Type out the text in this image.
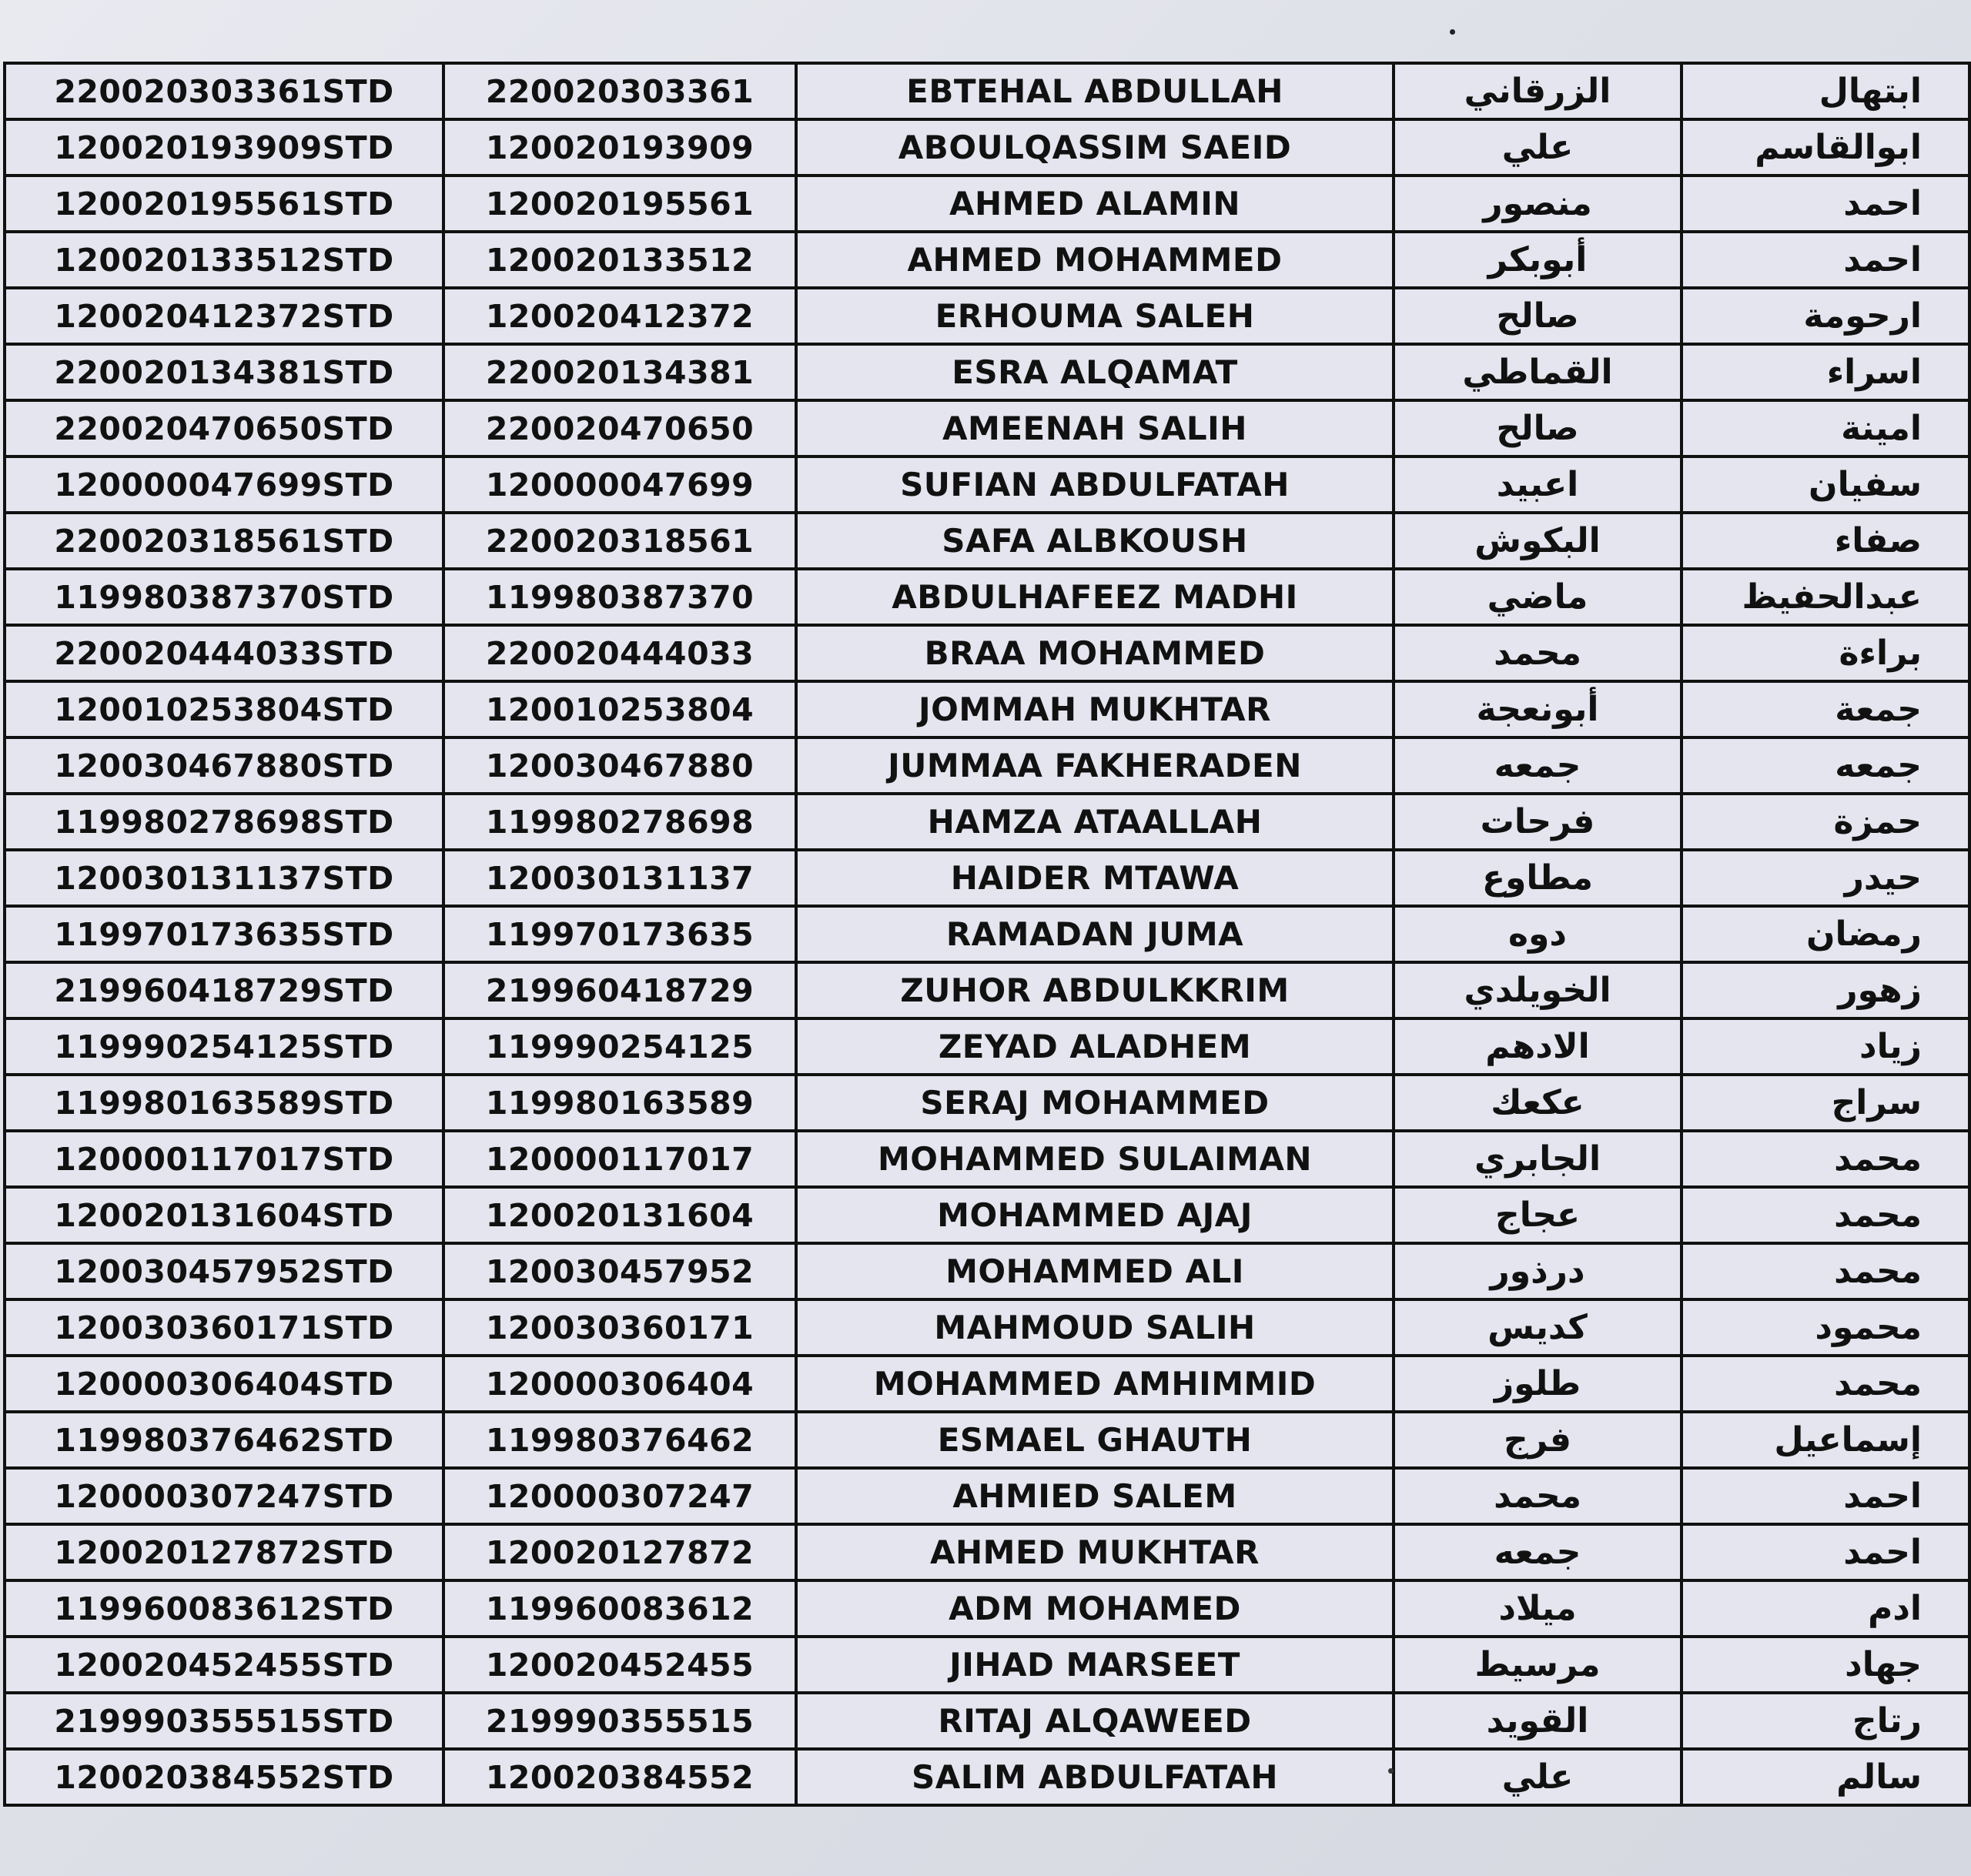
220020303361STD	220020303361	EBTEHAL ABDULLAH	الزرقاني	ابتهال
120020193909STD	120020193909	ABOULQASSIM SAEID	علي	ابوالقاسم
120020195561STD	120020195561	AHMED ALAMIN	منصور	احمد
120020133512STD	120020133512	AHMED MOHAMMED	أبوبكر	احمد
120020412372STD	120020412372	ERHOUMA SALEH	صالح	ارحومة
220020134381STD	220020134381	ESRA ALQAMAT	القماطي	اسراء
220020470650STD	220020470650	AMEENAH SALIH	صالح	امينة
120000047699STD	120000047699	SUFIAN ABDULFATAH	اعبيد	سفيان
220020318561STD	220020318561	SAFA ALBKOUSH	البكوش	صفاء
119980387370STD	119980387370	ABDULHAFEEZ MADHI	ماضي	عبدالحفيظ
220020444033STD	220020444033	BRAA MOHAMMED	محمد	براءة
120010253804STD	120010253804	JOMMAH MUKHTAR	أبونعجة	جمعة
120030467880STD	120030467880	JUMMAA FAKHERADEN	جمعه	جمعه
119980278698STD	119980278698	HAMZA ATAALLAH	فرحات	حمزة
120030131137STD	120030131137	HAIDER MTAWA	مطاوع	حيدر
119970173635STD	119970173635	RAMADAN JUMA	دوه	رمضان
219960418729STD	219960418729	ZUHOR ABDULKKRIM	الخويلدي	زهور
119990254125STD	119990254125	ZEYAD ALADHEM	الادهم	زياد
119980163589STD	119980163589	SERAJ MOHAMMED	عكعك	سراج
120000117017STD	120000117017	MOHAMMED SULAIMAN	الجابري	محمد
120020131604STD	120020131604	MOHAMMED AJAJ	عجاج	محمد
120030457952STD	120030457952	MOHAMMED ALI	درذور	محمد
120030360171STD	120030360171	MAHMOUD SALIH	كديس	محمود
120000306404STD	120000306404	MOHAMMED AMHIMMID	طلوز	محمد
119980376462STD	119980376462	ESMAEL GHAUTH	فرج	إسماعيل
120000307247STD	120000307247	AHMIED SALEM	محمد	احمد
120020127872STD	120020127872	AHMED MUKHTAR	جمعه	احمد
119960083612STD	119960083612	ADM MOHAMED	ميلاد	ادم
120020452455STD	120020452455	JIHAD MARSEET	مرسيط	جهاد
219990355515STD	219990355515	RITAJ ALQAWEED	القويد	رتاج
120020384552STD	120020384552	SALIM ABDULFATAH	علي	سالم
